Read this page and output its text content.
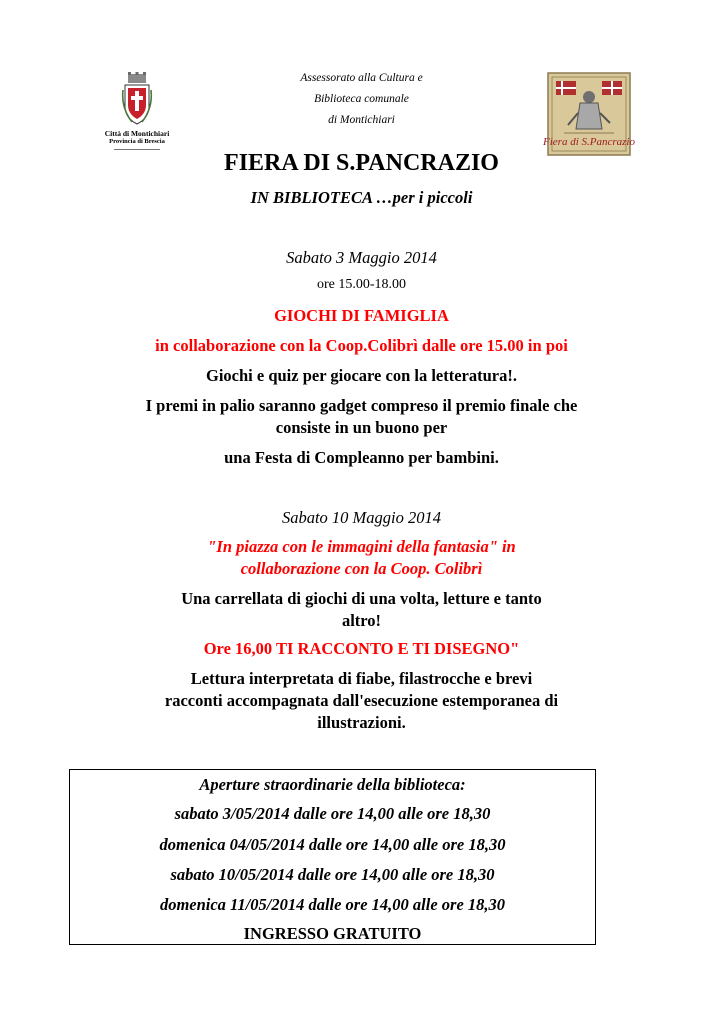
Città di Montichiari
Provincia di Brescia
Assessorato alla Cultura e
Biblioteca comunale
di Montichiari
Fiera di S.Pancrazio
FIERA DI S.PANCRAZIO
IN BIBLIOTECA …per i piccoli
Sabato 3 Maggio 2014
ore 15.00-18.00
GIOCHI DI FAMIGLIA
in collaborazione con la Coop.Colibrì dalle ore 15.00 in poi
Giochi e quiz per giocare con la letteratura!.
I premi in palio saranno gadget compreso il premio finale che
consiste in un buono per
una Festa di Compleanno per bambini.
Sabato 10 Maggio 2014
"In piazza con le immagini della fantasia" in
collaborazione con la Coop. Colibrì
Una carrellata di giochi di una volta, letture e tanto
altro!
Ore 16,00 TI RACCONTO E TI DISEGNO"
Lettura interpretata di fiabe, filastrocche e brevi
racconti accompagnata dall'esecuzione estemporanea di
illustrazioni.
Aperture straordinarie della biblioteca:
sabato 3/05/2014 dalle ore 14,00 alle ore 18,30
domenica 04/05/2014 dalle ore 14,00 alle ore 18,30
sabato 10/05/2014 dalle ore 14,00 alle ore 18,30
domenica 11/05/2014 dalle ore 14,00 alle ore 18,30
INGRESSO GRATUITO
